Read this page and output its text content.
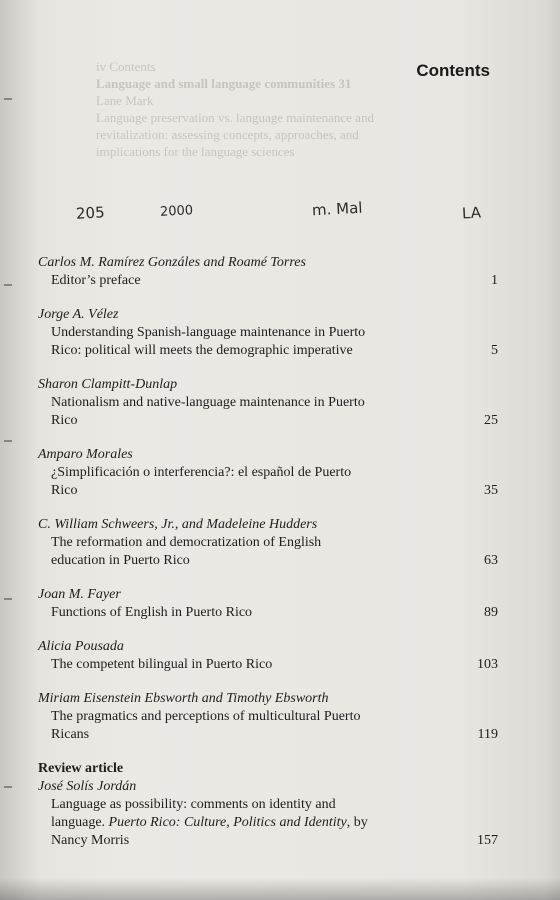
iv Contents
Language and small language communities 31
Lane Mark
Language preservation vs. language maintenance and
revitalization: assessing concepts, approaches, and
implications for the language sciences
Contents
205	2000	m. Mal	LA
Carlos M. Ramírez Gonzáles and Roamé Torres
Editor’s preface	1
Jorge A. Vélez
Understanding Spanish-language maintenance in Puerto
Rico: political will meets the demographic imperative	5
Sharon Clampitt-Dunlap
Nationalism and native-language maintenance in Puerto
Rico	25
Amparo Morales
¿Simplificación o interferencia?: el español de Puerto
Rico	35
C. William Schweers, Jr., and Madeleine Hudders
The reformation and democratization of English
education in Puerto Rico	63
Joan M. Fayer
Functions of English in Puerto Rico	89
Alicia Pousada
The competent bilingual in Puerto Rico	103
Miriam Eisenstein Ebsworth and Timothy Ebsworth
The pragmatics and perceptions of multicultural Puerto
Ricans	119
Review article
José Solís Jordán
Language as possibility: comments on identity and
language. Puerto Rico: Culture, Politics and Identity, by
Nancy Morris	157
